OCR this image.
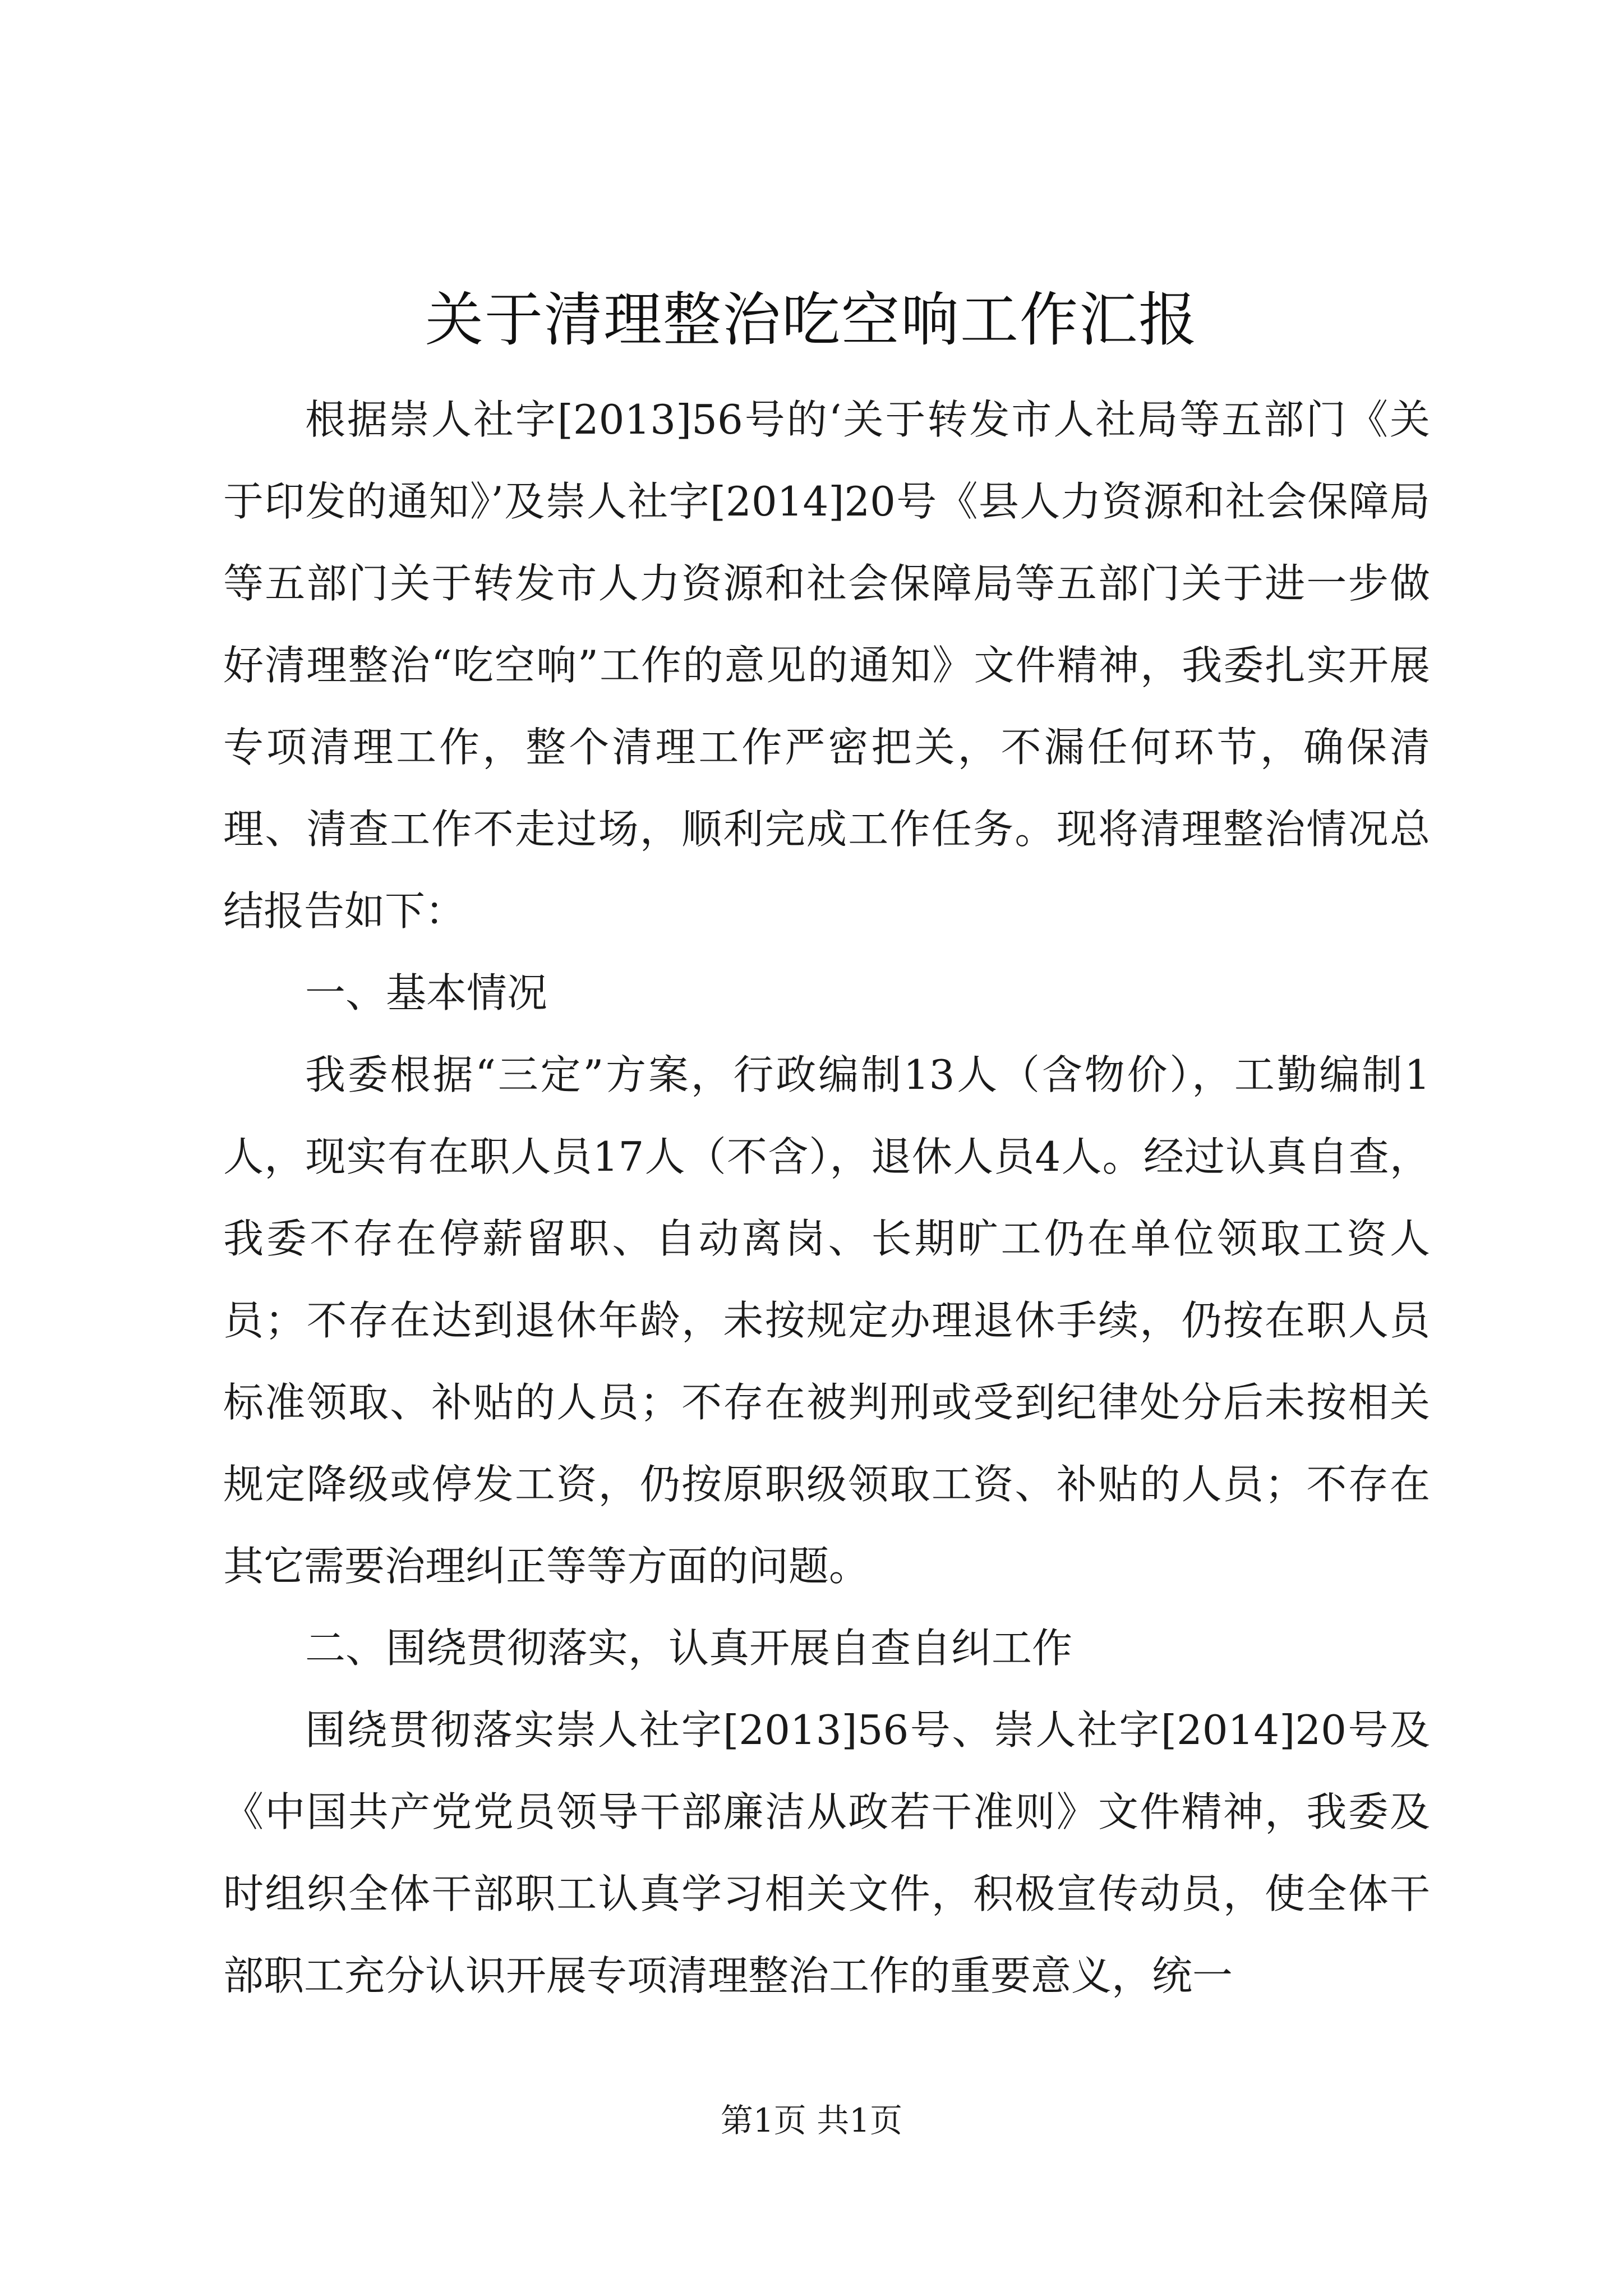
关于清理整治吃空响工作汇报

根据崇人社字[2013]56号的‘关于转发市人社局等五部门《关于印发的通知》’及崇人社字[2014]20号《县人力资源和社会保障局等五部门关于转发市人力资源和社会保障局等五部门关于进一步做好清理整治“吃空响”工作的意见的通知》文件精神，我委扎实开展专项清理工作，整个清理工作严密把关，不漏任何环节，确保清理、清查工作不走过场，顺利完成工作任务。现将清理整治情况总结报告如下：

一、基本情况

我委根据“三定”方案，行政编制13人（含物价），工勤编制1人，现实有在职人员17人（不含），退休人员4人。经过认真自查，我委不存在停薪留职、自动离岗、长期旷工仍在单位领取工资人员；不存在达到退休年龄，未按规定办理退休手续，仍按在职人员标准领取、补贴的人员；不存在被判刑或受到纪律处分后未按相关规定降级或停发工资，仍按原职级领取工资、补贴的人员；不存在其它需要治理纠正等等方面的问题。

二、围绕贯彻落实，认真开展自查自纠工作

围绕贯彻落实崇人社字[2013]56号、崇人社字[2014]20号及《中国共产党党员领导干部廉洁从政若干准则》文件精神，我委及时组织全体干部职工认真学习相关文件，积极宣传动员，使全体干部职工充分认识开展专项清理整治工作的重要意义，统一

第1页 共1页
